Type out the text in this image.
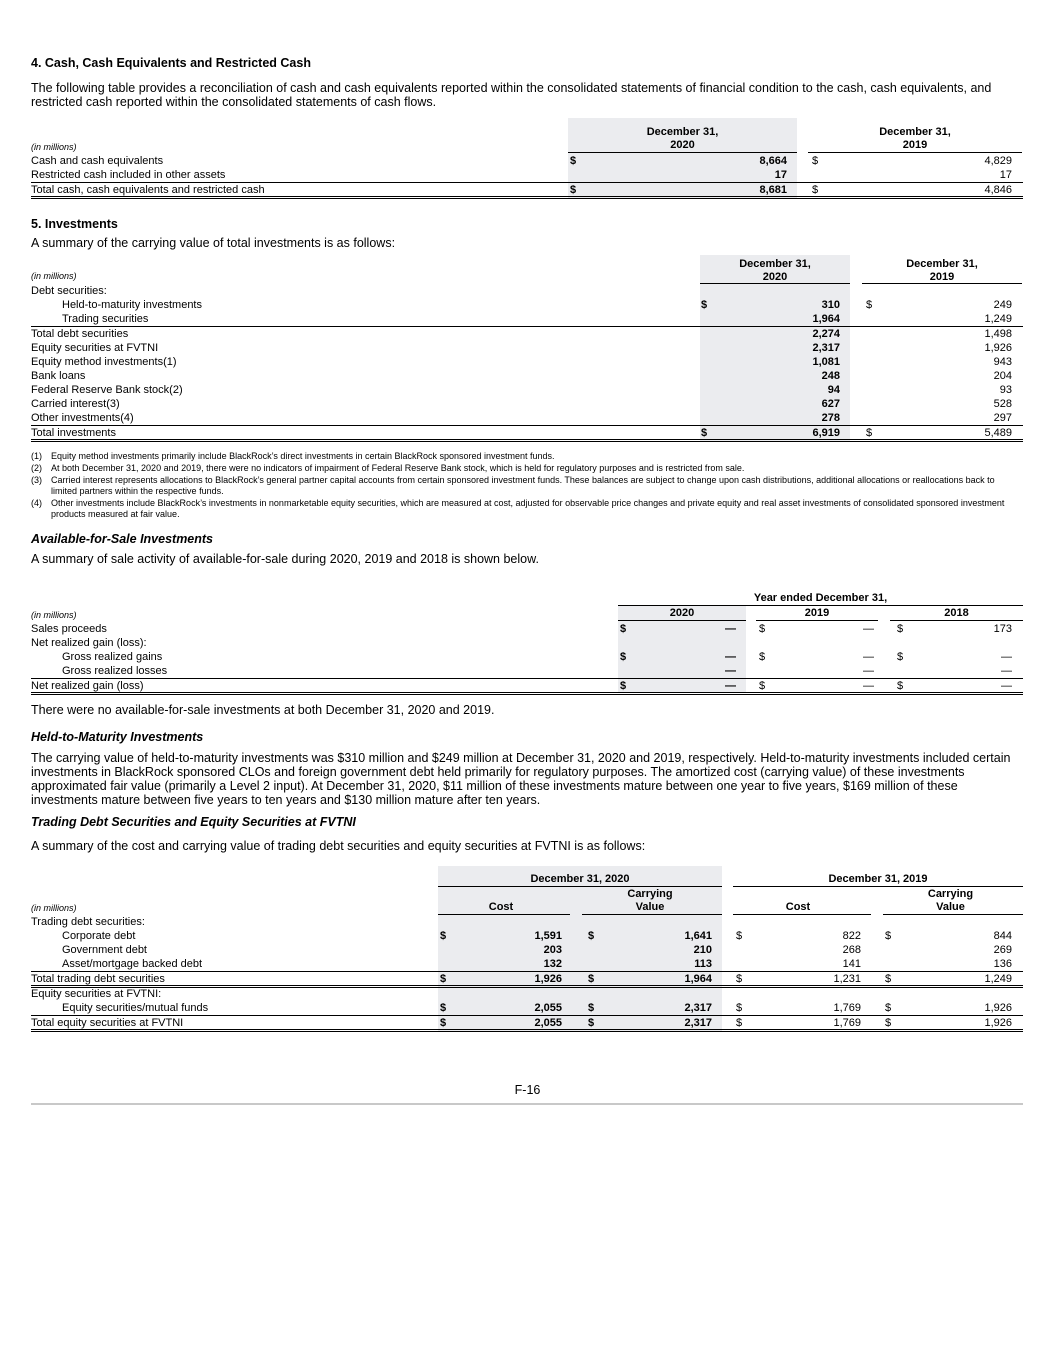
4. Cash, Cash Equivalents and Restricted Cash
The following table provides a reconciliation of cash and cash equivalents reported within the consolidated statements of financial condition to the cash, cash equivalents, and restricted cash reported within the consolidated statements of cash flows.
December 31,
2020
December 31,
2019
(in millions)
Cash and cash equivalents	$	8,664 $	4,829
Restricted cash included in other assets	17	17
Total cash, cash equivalents and restricted cash	$	8,681 $	4,846
5. Investments
A summary of the carrying value of total investments is as follows:
December 31,
2020
December 31,
2019
(in millions)
Debt securities:
Held-to-maturity investments	$	310 $	249
Trading securities	1,964	1,249
Total debt securities	2,274	1,498
Equity securities at FVTNI	2,317	1,926
Equity method investments(1)	1,081	943
Bank loans	248	204
Federal Reserve Bank stock(2)	94	93
Carried interest(3)	627	528
Other investments(4)	278	297
Total investments	$	6,919 $	5,489
(1) Equity method investments primarily include BlackRock’s direct investments in certain BlackRock sponsored investment funds.
(2) At both December 31, 2020 and 2019, there were no indicators of impairment of Federal Reserve Bank stock, which is held for regulatory purposes and is restricted from sale.
(3) Carried interest represents allocations to BlackRock’s general partner capital accounts from certain sponsored investment funds. These balances are subject to change upon cash distributions, additional allocations or reallocations back to limited partners within the respective funds.
(4) Other investments include BlackRock’s investments in nonmarketable equity securities, which are measured at cost, adjusted for observable price changes and private equity and real asset investments of consolidated sponsored investment products measured at fair value.
Available-for-Sale Investments
A summary of sale activity of available-for-sale during 2020, 2019 and 2018 is shown below.
Year ended December 31,
(in millions)	2020	2019	2018
Sales proceeds	$	— $	— $	173
Net realized gain (loss):
Gross realized gains	$	— $	— $	—
Gross realized losses	—	—	—
Net realized gain (loss)	$	— $	— $	—
There were no available-for-sale investments at both December 31, 2020 and 2019.
Held-to-Maturity Investments
The carrying value of held-to-maturity investments was $310 million and $249 million at December 31, 2020 and 2019, respectively. Held-to-maturity investments included certain investments in BlackRock sponsored CLOs and foreign government debt held primarily for regulatory purposes. The amortized cost (carrying value) of these investments approximated fair value (primarily a Level 2 input). At December 31, 2020, $11 million of these investments mature between one year to five years, $169 million of these investments mature between five years to ten years and $130 million mature after ten years.
Trading Debt Securities and Equity Securities at FVTNI
A summary of the cost and carrying value of trading debt securities and equity securities at FVTNI is as follows:
December 31, 2020	December 31, 2019
(in millions)	Cost
Carrying
Value	Cost
Carrying
Value
Trading debt securities:
Corporate debt	$	1,591 $	1,641 $	822 $	844
Government debt	203	210	268	269
Asset/mortgage backed debt	132	113	141	136
Total trading debt securities	$	1,926 $	1,964 $	1,231 $	1,249
Equity securities at FVTNI:
Equity securities/mutual funds	$	2,055 $	2,317 $	1,769 $	1,926
Total equity securities at FVTNI	$	2,055 $	2,317 $	1,769 $	1,926
F-16
